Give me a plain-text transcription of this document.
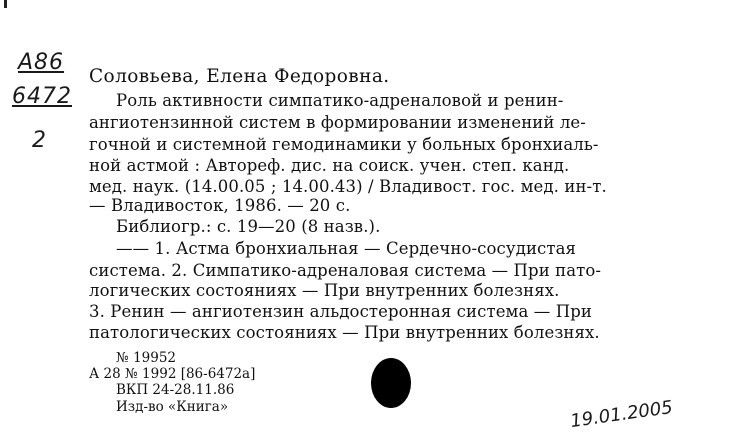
A86
6472
2
Соловьева, Елена Федоровна.
Роль активности симпатико-адреналовой и ренин-
ангиотензинной систем в формировании изменений ле-
гочной и системной гемодинамики у больных бронхиаль-
ной астмой : Автореф. дис. на соиск. учен. степ. канд.
мед. наук. (14.00.05 ; 14.00.43) / Владивост. гос. мед. ин-т.
— Владивосток, 1986. — 20 с.
Библиогр.: с. 19—20 (8 назв.).
—— 1. Астма бронхиальная — Сердечно-сосудистая
система. 2. Симпатико-адреналовая система — При пато-
логических состояниях — При внутренних болезнях.
3. Ренин — ангиотензин альдостеронная система — При
патологических состояниях — При внутренних болезнях.
№ 19952
А 28 № 1992 [86-6472а]
ВКП 24-28.11.86
Изд-во «Книга»	19.01.2005
